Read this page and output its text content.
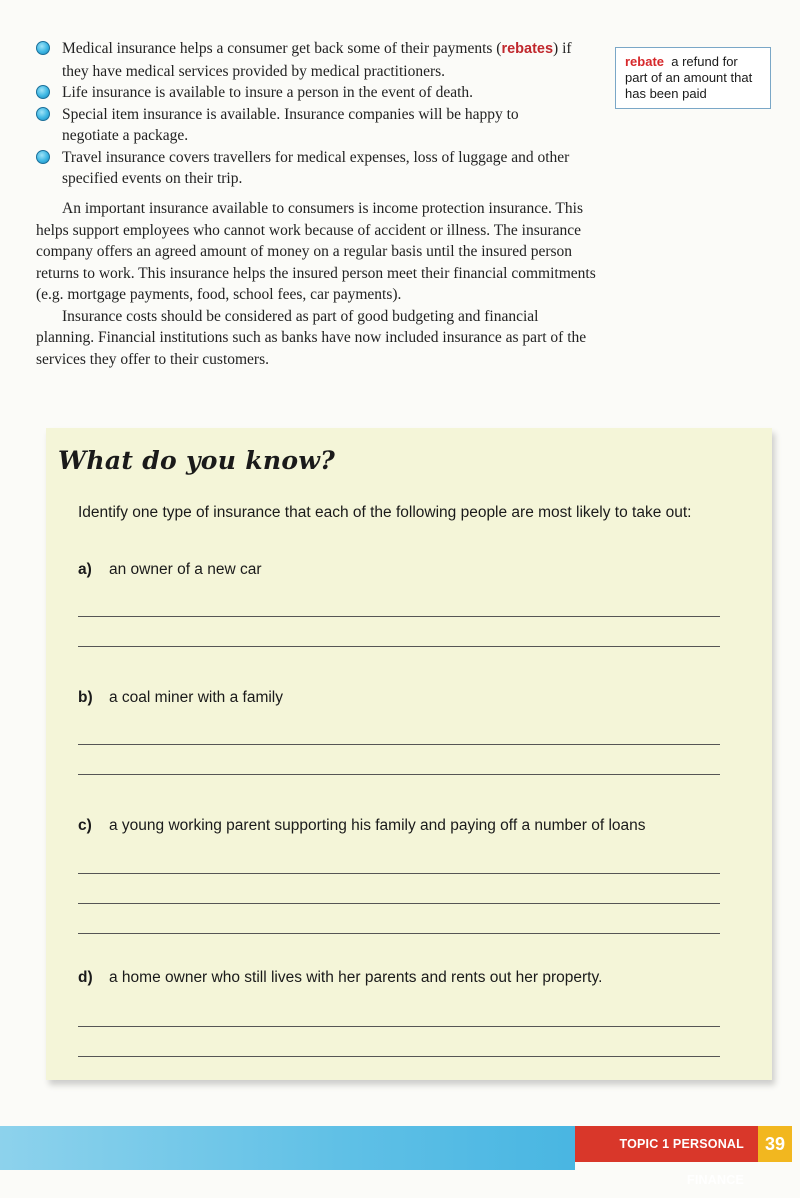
Medical insurance helps a consumer get back some of their payments (rebates) if they have medical services provided by medical practitioners.
Life insurance is available to insure a person in the event of death.
Special item insurance is available. Insurance companies will be happy to negotiate a package.
Travel insurance covers travellers for medical expenses, loss of luggage and other specified events on their trip.

An important insurance available to consumers is income protection insurance. This helps support employees who cannot work because of accident or illness. The insurance company offers an agreed amount of money on a regular basis until the insured person returns to work. This insurance helps the insured person meet their financial commitments (e.g. mortgage payments, food, school fees, car payments).

Insurance costs should be considered as part of good budgeting and financial planning. Financial institutions such as banks have now included insurance as part of the services they offer to their customers.

rebate a refund for part of an amount that has been paid
What do you know?
Identify one type of insurance that each of the following people are most likely to take out:
a) an owner of a new car
b) a coal miner with a family
c) a young working parent supporting his family and paying off a number of loans
d) a home owner who still lives with her parents and rents out her property.
TOPIC 1 PERSONAL FINANCE
39
